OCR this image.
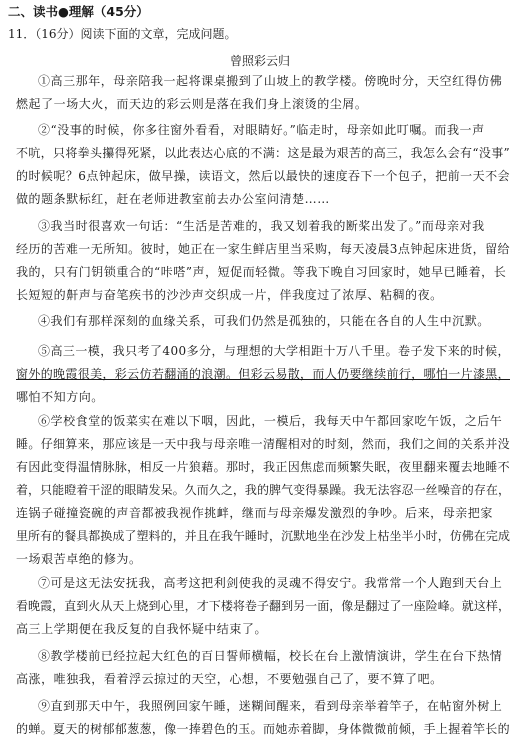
二、读书●理解（45分）
11．（16分）阅读下面的文章，完成问题。
曾照彩云归
①高三那年，母亲陪我一起将课桌搬到了山坡上的教学楼。傍晚时分，天空红得仿佛
燃起了一场大火，而天边的彩云则是落在我们身上滚烫的尘屑。
②“没事的时候，你多往窗外看看，对眼睛好。”临走时，母亲如此叮嘱。而我一声
不吭，只将拳头攥得死紧，以此表达心底的不满：这是最为艰苦的高三，我怎么会有“没事”
的时候呢？6点钟起床，做早操，读语文，然后以最快的速度吞下一个包子，把前一天不会
做的题条默标红，赶在老师进教室前去办公室问清楚……
③我当时很喜欢一句话：“生活是苦难的，我又划着我的断桨出发了。”而母亲对我
经历的苦难一无所知。彼时，她正在一家生鲜店里当采购，每天凌晨3点钟起床进货，留给
我的，只有门钥锁重合的“咔嗒”声，短促而轻微。等我下晚自习回家时，她早已睡着，长
长短短的鼾声与奋笔疾书的沙沙声交织成一片，伴我度过了浓厚、粘稠的夜。
④我们有那样深刻的血缘关系，可我们仍然是孤独的，只能在各自的人生中沉默。
⑤高三一模，我只考了400多分，与理想的大学相距十万八千里。卷子发下来的时候，
窗外的晚霞很美，彩云仿若翻涌的浪潮。但彩云易散，而人仍要继续前行，哪怕一片漆黑，
哪怕不知方向。
⑥学校食堂的饭菜实在难以下咽，因此，一模后，我每天中午都回家吃午饭，之后午
睡。仔细算来，那应该是一天中我与母亲唯一清醒相对的时刻，然而，我们之间的关系并没
有因此变得温情脉脉，相反一片狼藉。那时，我正因焦虑而频繁失眠，夜里翻来覆去地睡不
着，只能瞪着干涩的眼睛发呆。久而久之，我的脾气变得暴躁。我无法容忍一丝噪音的存在，
连锅子碰撞瓷碗的声音都被我视作挑衅，继而与母亲爆发激烈的争吵。后来，母亲把家
里所有的餐具都换成了塑料的，并且在我午睡时，沉默地坐在沙发上枯坐半小时，仿佛在完成
一场艰苦卓绝的修为。
⑦可是这无法安抚我，高考这把利剑使我的灵魂不得安宁。我常常一个人跑到天台上
看晚霞，直到火从天上烧到心里，才下楼将卷子翻到另一面，像是翻过了一座险峰。就这样，
高三上学期便在我反复的自我怀疑中结束了。
⑧教学楼前已经拉起大红色的百日誓师横幅，校长在台上激情演讲，学生在台下热情
高涨，唯独我，看着浮云掠过的天空，心想，不要勉强自己了，要不算了吧。
⑨直到那天中午，我照例回家午睡，迷糊间醒来，看到母亲举着竿子，在帖窗外树上
的蝉。夏天的树郁郁葱葱，像一捧碧色的玉。而她赤着脚，身体微微前倾，手上握着竿长的
